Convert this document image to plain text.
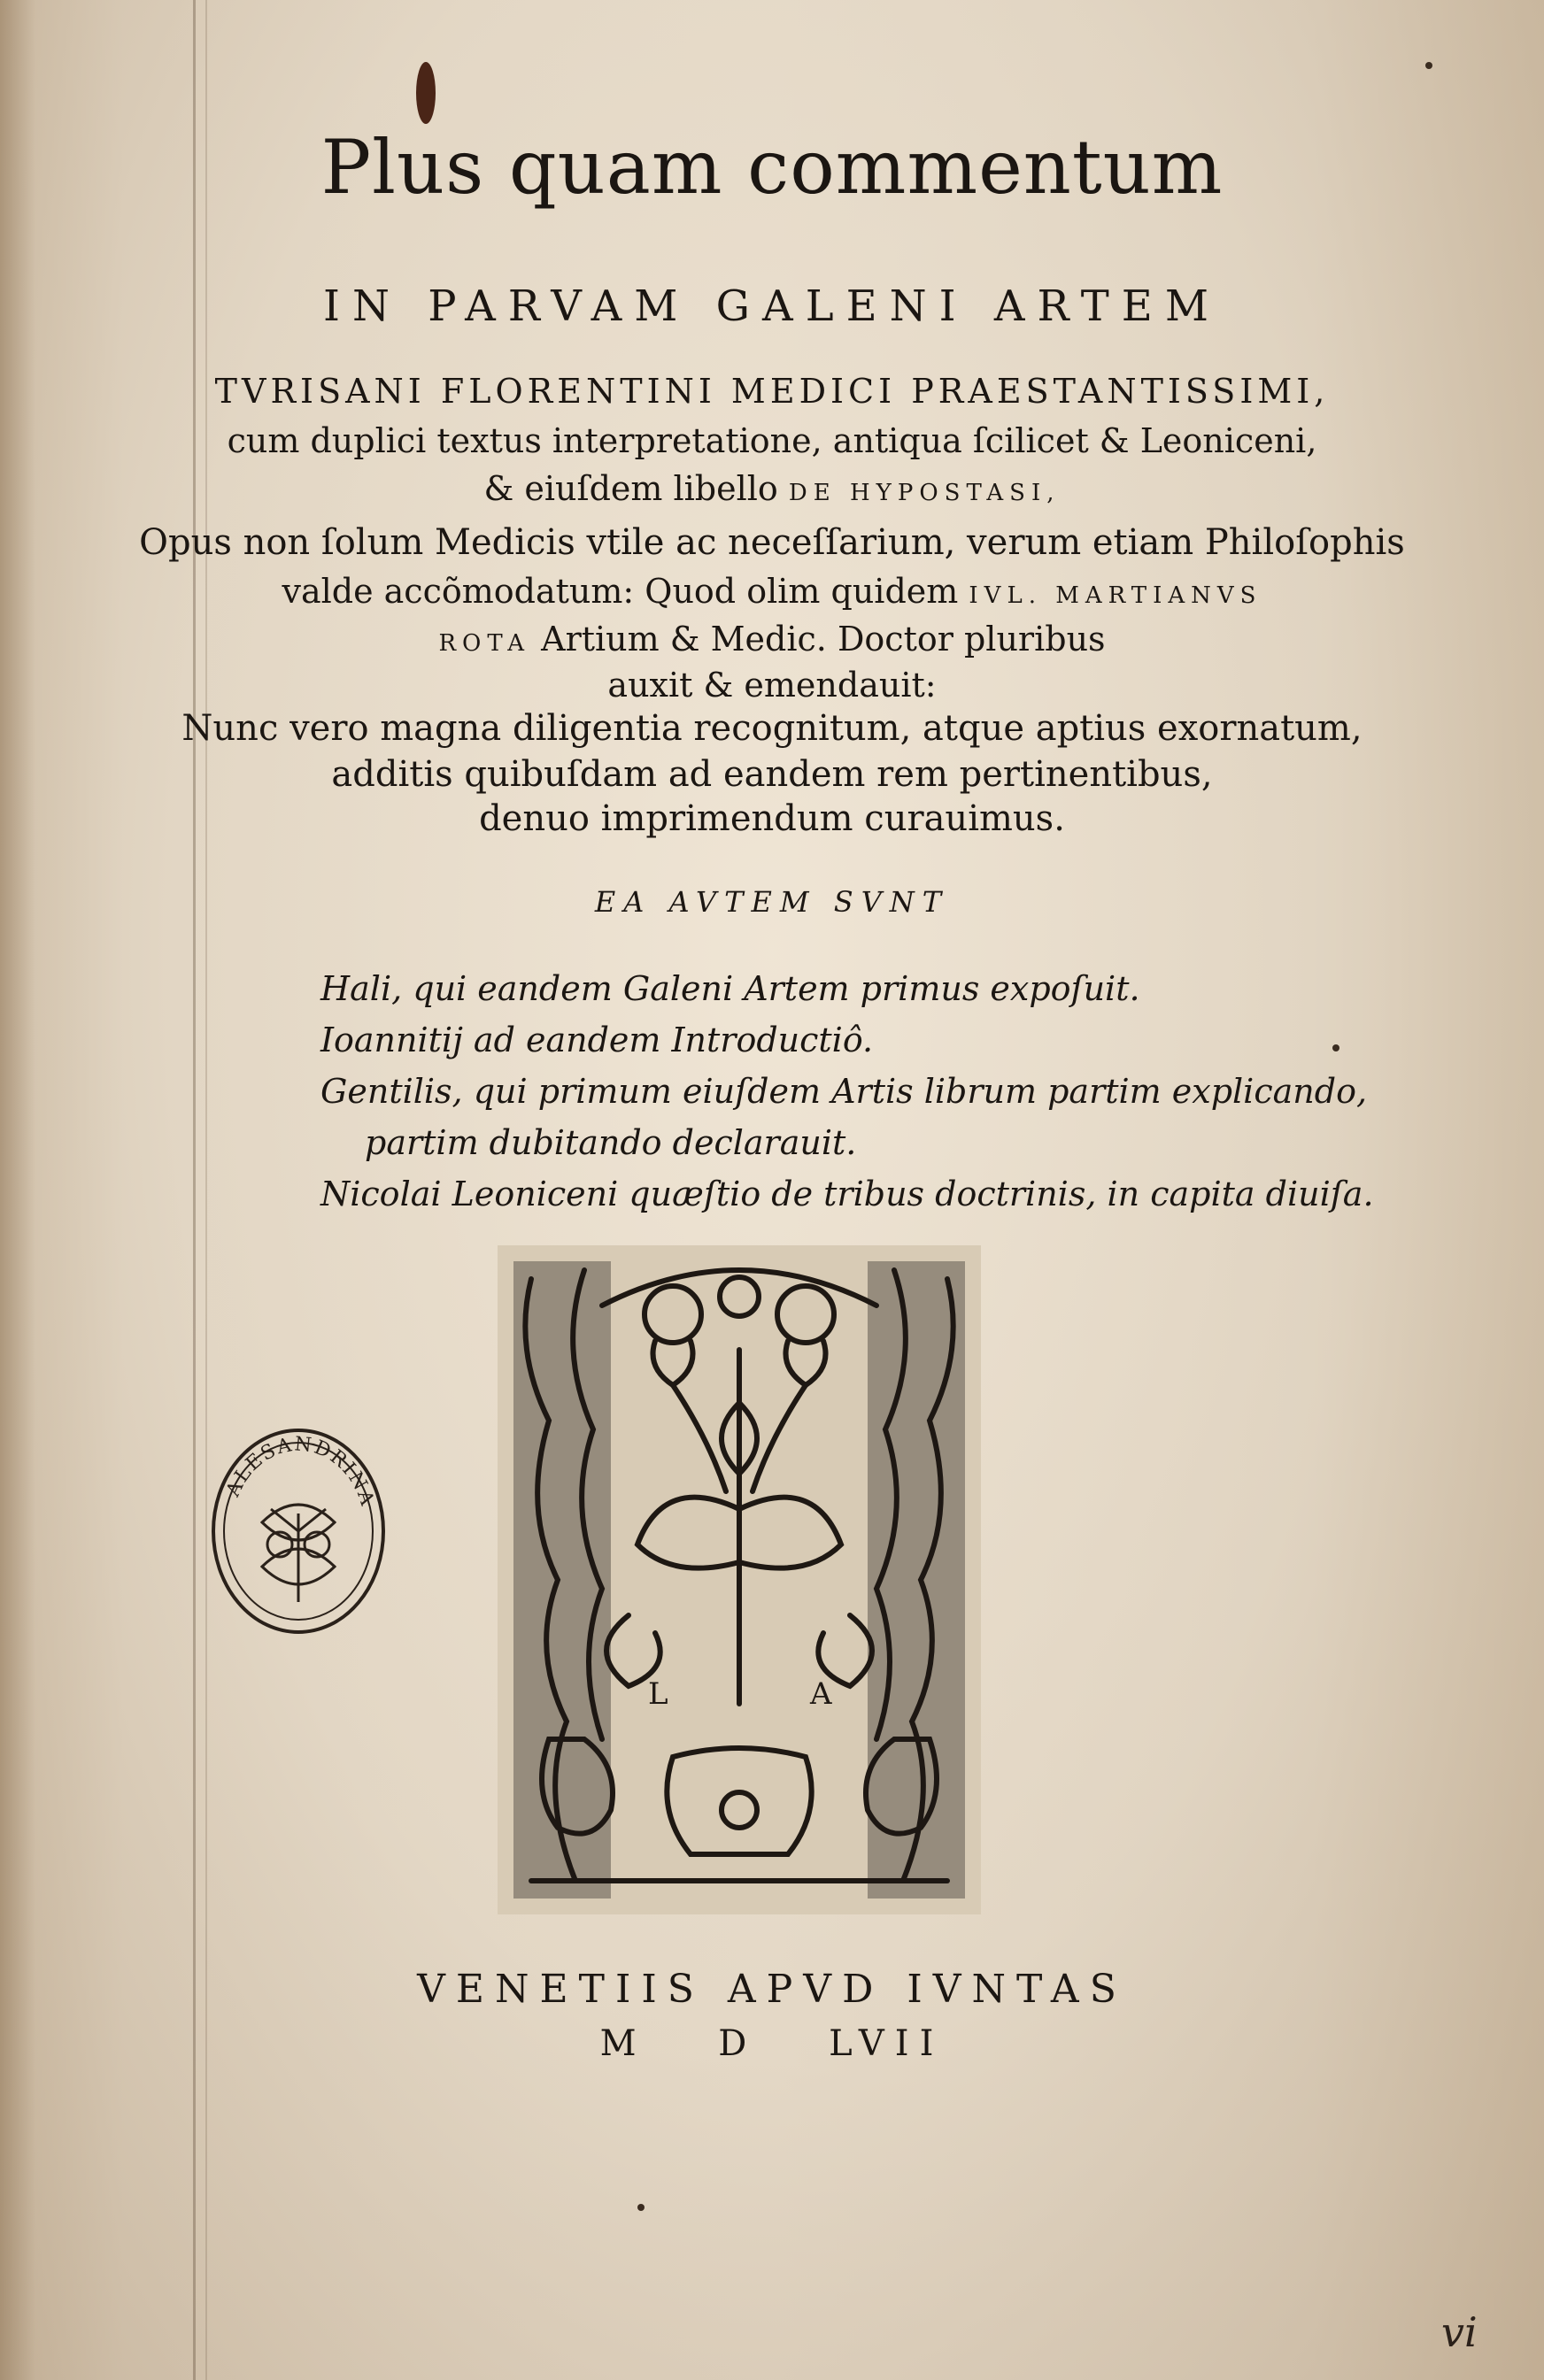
Plus quam commentum
IN PARVAM GALENI ARTEM
TVRISANI FLORENTINI MEDICI PRAESTANTISSIMI,
cum duplici textus interpretatione, antiqua ſcilicet & Leoniceni,
& eiuſdem libello DE HYPOSTASI,
Opus non ſolum Medicis vtile ac neceſſarium, verum etiam Philoſophis
valde accõmodatum: Quod olim quidem IVL. MARTIANVS
ROTA Artium & Medic. Doctor pluribus
auxit & emendauit:
Nunc vero magna diligentia recognitum, atque aptius exornatum,
additis quibuſdam ad eandem rem pertinentibus,
denuo imprimendum curauimus.
EA AVTEM SVNT
Hali, qui eandem Galeni Artem primus expoſuit.
Ioannitij ad eandem Introductiô.
Gentilis, qui primum eiuſdem Artis librum partim explicando,
partim dubitando declarauit.
Nicolai Leoniceni quæſtio de tribus doctrinis, in capita diuiſa.
ALESANDRINA
L	A
VENETIIS APVD IVNTAS
M D LVII
vi
